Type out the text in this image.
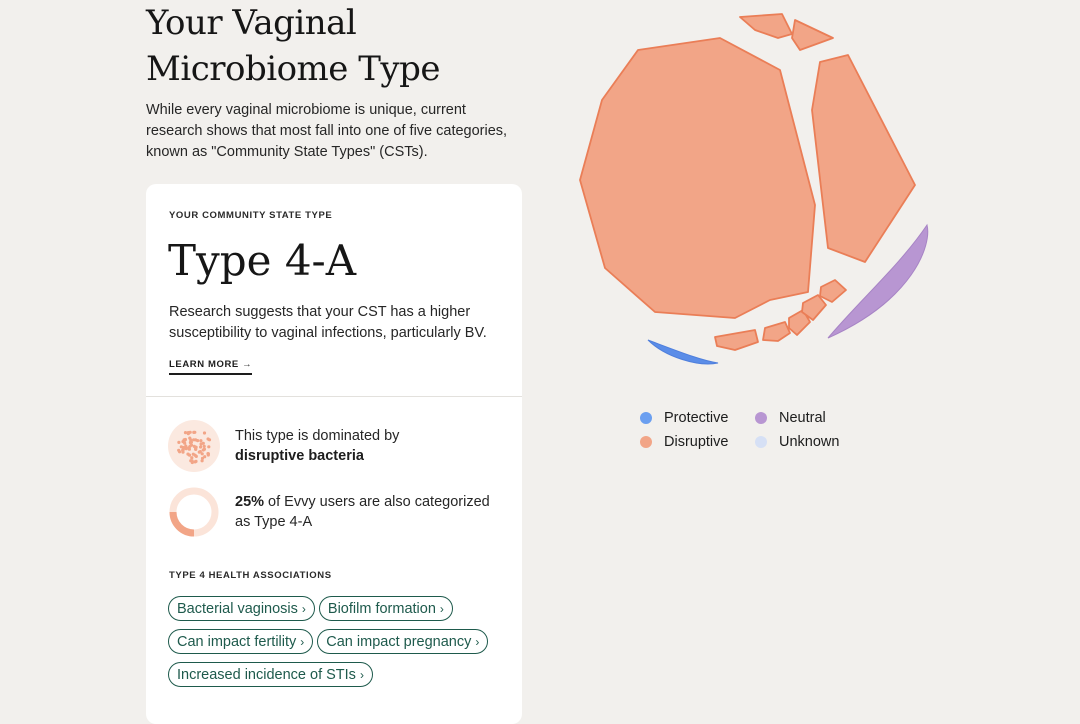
Your Vaginal
Microbiome Type

While every vaginal microbiome is unique, current research shows that most fall into one of five categories, known as "Community State Types" (CSTs).

YOUR COMMUNITY STATE TYPE
Type 4-A

Research suggests that your CST has a higher susceptibility to vaginal infections, particularly BV.

LEARN MORE →
This type is dominated by
disruptive bacteria
25% of Evvy users are also categorized as Type 4-A
TYPE 4 HEALTH ASSOCIATIONS
Bacterial vaginosis › Biofilm formation ›
Can impact fertility › Can impact pregnancy ›
Increased incidence of STIs ›
Protective	Neutral
Disruptive	Unknown
